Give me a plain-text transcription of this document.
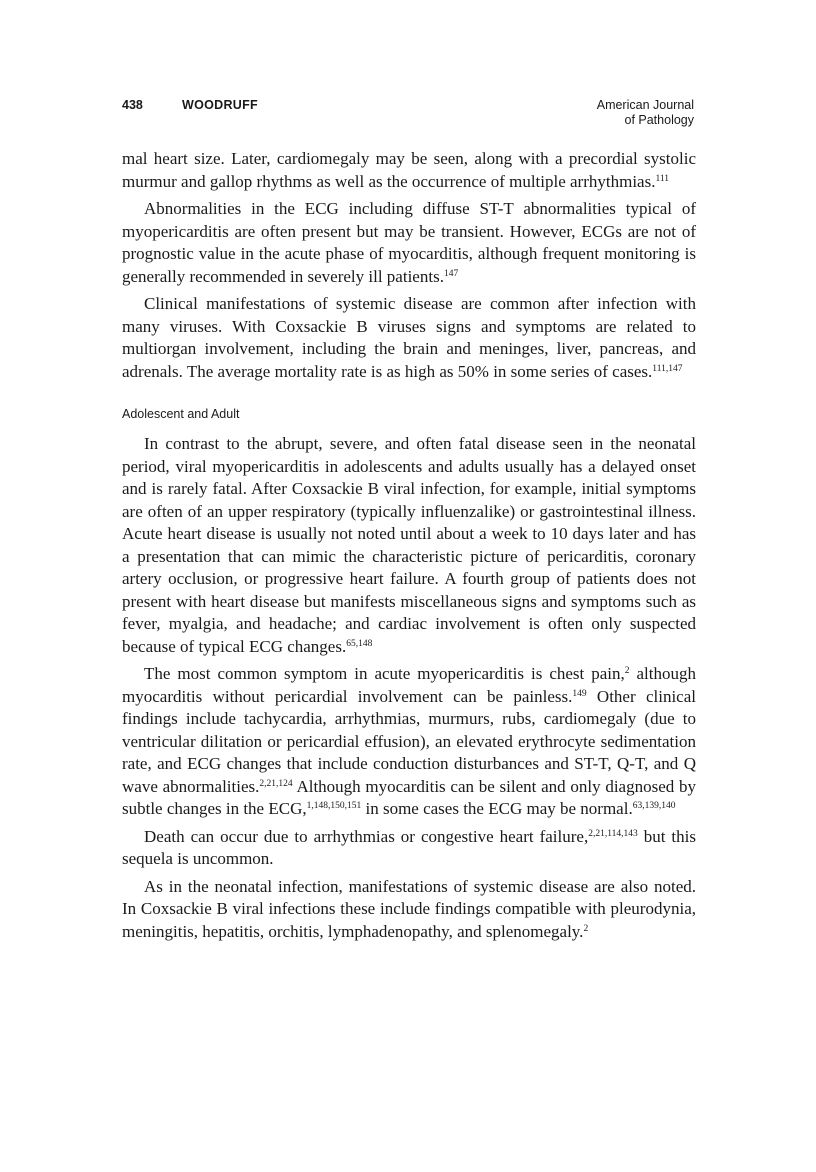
438	WOODRUFF	American Journal
of Pathology

mal heart size. Later, cardiomegaly may be seen, along with a precordial systolic murmur and gallop rhythms as well as the occurrence of multiple arrhythmias.$^{111}$

Abnormalities in the ECG including diffuse ST-T abnormalities typical of myopericarditis are often present but may be transient. However, ECGs are not of prognostic value in the acute phase of myocarditis, although frequent monitoring is generally recommended in severely ill patients.$^{147}$

Clinical manifestations of systemic disease are common after infection with many viruses. With Coxsackie B viruses signs and symptoms are related to multiorgan involvement, including the brain and meninges, liver, pancreas, and adrenals. The average mortality rate is as high as 50% in some series of cases.$^{111,147}$

Adolescent and Adult

In contrast to the abrupt, severe, and often fatal disease seen in the neonatal period, viral myopericarditis in adolescents and adults usually has a delayed onset and is rarely fatal. After Coxsackie B viral infection, for example, initial symptoms are often of an upper respiratory (typically influenzalike) or gastrointestinal illness. Acute heart disease is usually not noted until about a week to 10 days later and has a presentation that can mimic the characteristic picture of pericarditis, coronary artery occlusion, or progressive heart failure. A fourth group of patients does not present with heart disease but manifests miscellaneous signs and symptoms such as fever, myalgia, and headache; and cardiac involvement is often only suspected because of typical ECG changes.$^{65,148}$

The most common symptom in acute myopericarditis is chest pain,$^2$ although myocarditis without pericardial involvement can be painless.$^{149}$ Other clinical findings include tachycardia, arrhythmias, murmurs, rubs, cardiomegaly (due to ventricular dilitation or pericardial effusion), an elevated erythrocyte sedimentation rate, and ECG changes that include conduction disturbances and ST-T, Q-T, and Q wave abnormalities.$^{2,21,124}$ Although myocarditis can be silent and only diagnosed by subtle changes in the ECG,$^{1,148,150,151}$ in some cases the ECG may be normal.$^{63,139,140}$

Death can occur due to arrhythmias or congestive heart failure,$^{2,21,114,143}$ but this sequela is uncommon.

As in the neonatal infection, manifestations of systemic disease are also noted. In Coxsackie B viral infections these include findings compatible with pleurodynia, meningitis, hepatitis, orchitis, lymphadenopathy, and splenomegaly.$^2$
